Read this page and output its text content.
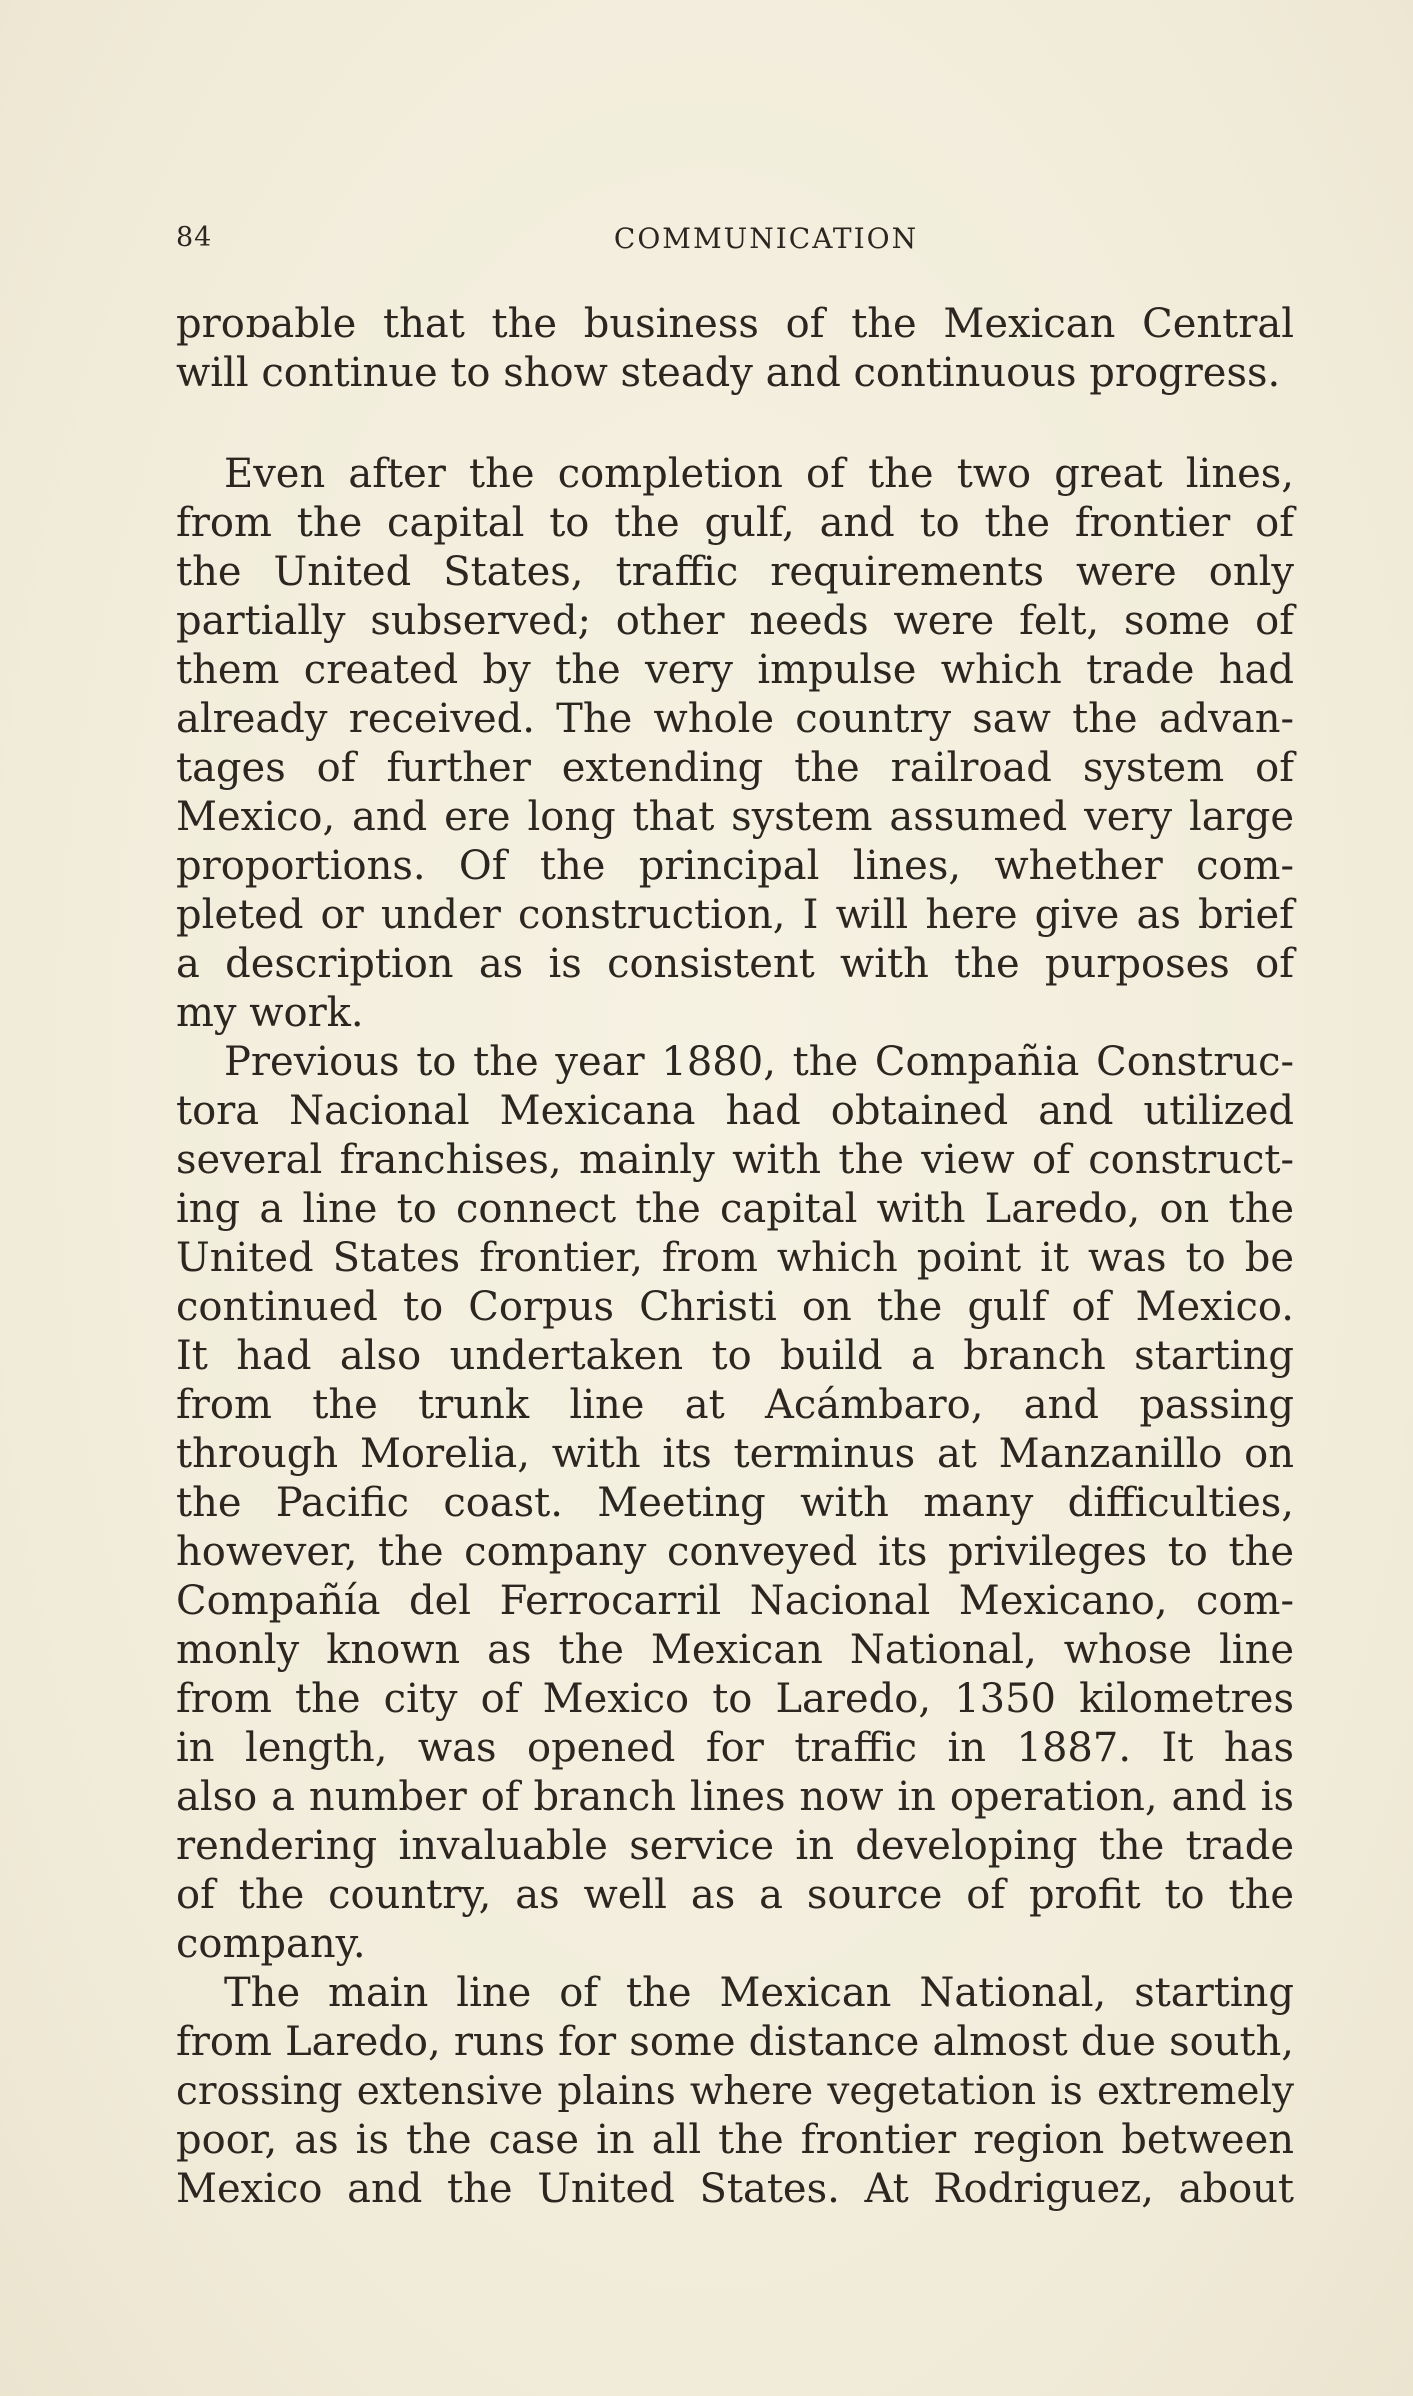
84	COMMUNICATION
proɒable that the business of the Mexican Central
will continue to show steady and continuous progress.
Even after the completion of the two great lines,
from the capital to the gulf, and to the frontier of
the United States, traffic requirements were only
partially subserved; other needs were felt, some of
them created by the very impulse which trade had
already received. The whole country saw the advan-
tages of further extending the railroad system of
Mexico, and ere long that system assumed very large
proportions. Of the principal lines, whether com-
pleted or under construction, I will here give as brief
a description as is consistent with the purposes of
my work.
Previous to the year 1880, the Compañia Construc-
tora Nacional Mexicana had obtained and utilized
several franchises, mainly with the view of construct-
ing a line to connect the capital with Laredo, on the
United States frontier, from which point it was to be
continued to Corpus Christi on the gulf of Mexico.
It had also undertaken to build a branch starting
from the trunk line at Acámbaro, and passing
through Morelia, with its terminus at Manzanillo on
the Pacific coast. Meeting with many difficulties,
however, the company conveyed its privileges to the
Compañía del Ferrocarril Nacional Mexicano, com-
monly known as the Mexican National, whose line
from the city of Mexico to Laredo, 1350 kilometres
in length, was opened for traffic in 1887. It has
also a number of branch lines now in operation, and is
rendering invaluable service in developing the trade
of the country, as well as a source of profit to the
company.
The main line of the Mexican National, starting
from Laredo, runs for some distance almost due south,
crossing extensive plains where vegetation is extremely
poor, as is the case in all the frontier region between
Mexico and the United States. At Rodriguez, about
